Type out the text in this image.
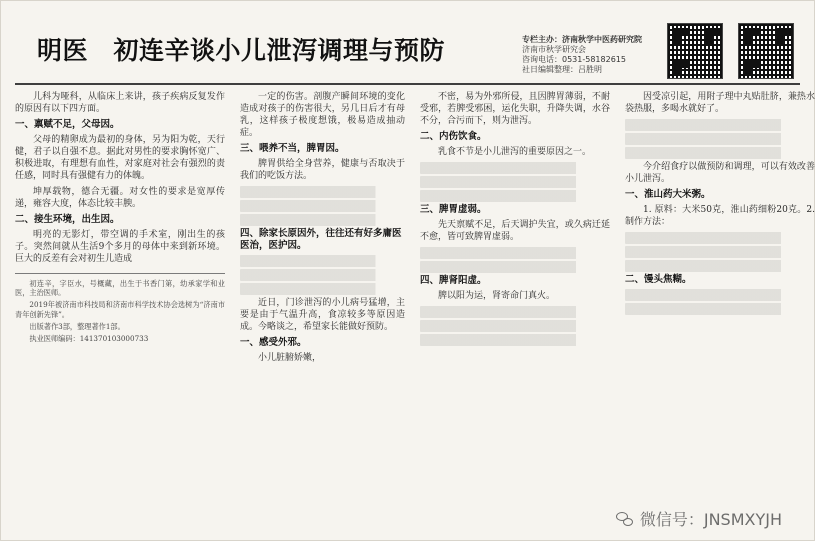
明医　初连辛谈小儿泄泻调理与预防	专栏主办：济南秋学中医药研究院
济南市秋学研究会
咨询电话：0531-58182615
社日编辑整理：吕胜明
儿科为哑科，从临床上来讲，孩子疾病反复发作的原因有以下四方面。
一、禀赋不足，父母因。
父母的精卵成为最初的身体，另为阳为乾，天行健，君子以自强不息。据此对男性的要求胸怀宽广、积极进取，有理想有血性，对家庭对社会有强烈的责任感，同时具有强健有力的体魄。
坤厚载物，德合无疆。对女性的要求是宽厚传递，雍容大度，体态比较丰腴。
二、接生环境，出生因。
明亮的无影灯，带空调的手术室，刚出生的孩子。突然间就从生活9个多月的母体中来到新环境。巨大的反差有会对初生儿造成
初连辛，字臣水，号概藏，出生于书香门第，幼承家学和业医，主治医师。
2019年被济南市科技局和济南市科学技术协会选树为“济南市青年创新先锋”。
出版著作3部，整理著作1部。
执业医师编码：141370103000733
一定的伤害。剖腹产瞬间环境的变化造成对孩子的伤害很大，另几日后才有母乳，这样孩子极度想饿，极易造成抽动症。
三、喂养不当，脾胃因。
脾胃供给全身营养，健康与否取决于我们的吃饭方法。
四、除家长原因外，往往还有好多庸医医治，医护因。
近日，门诊泄泻的小儿病号猛增，主要是由于气温升高，食凉较多等原因造成。今略谈之，希望家长能做好预防。
一、感受外邪。
小儿脏腑娇嫩，
不密，易为外邪所侵，且因脾胃薄弱，不耐受邪，若脾受邪困，运化失职，升降失调，水谷不分，合污而下，则为泄泻。
二、内伤饮食。
乳食不节是小儿泄泻的重要原因之一。
三、脾胃虚弱。
先天禀赋不足，后天调护失宜，或久病迁延不愈，皆可致脾胃虚弱。
四、脾肾阳虚。
脾以阳为运，肾寄命门真火。
因受凉引起，用附子理中丸贴肚脐，兼热水袋热服，多喝水就好了。
今介绍食疗以做预防和调理，可以有效改善小儿泄泻。
一、淮山药大米粥。
1. 原料：大米50克，淮山药细粉20克。2. 制作方法：
二、馒头焦糊。
微信号：JNSMXYJH
